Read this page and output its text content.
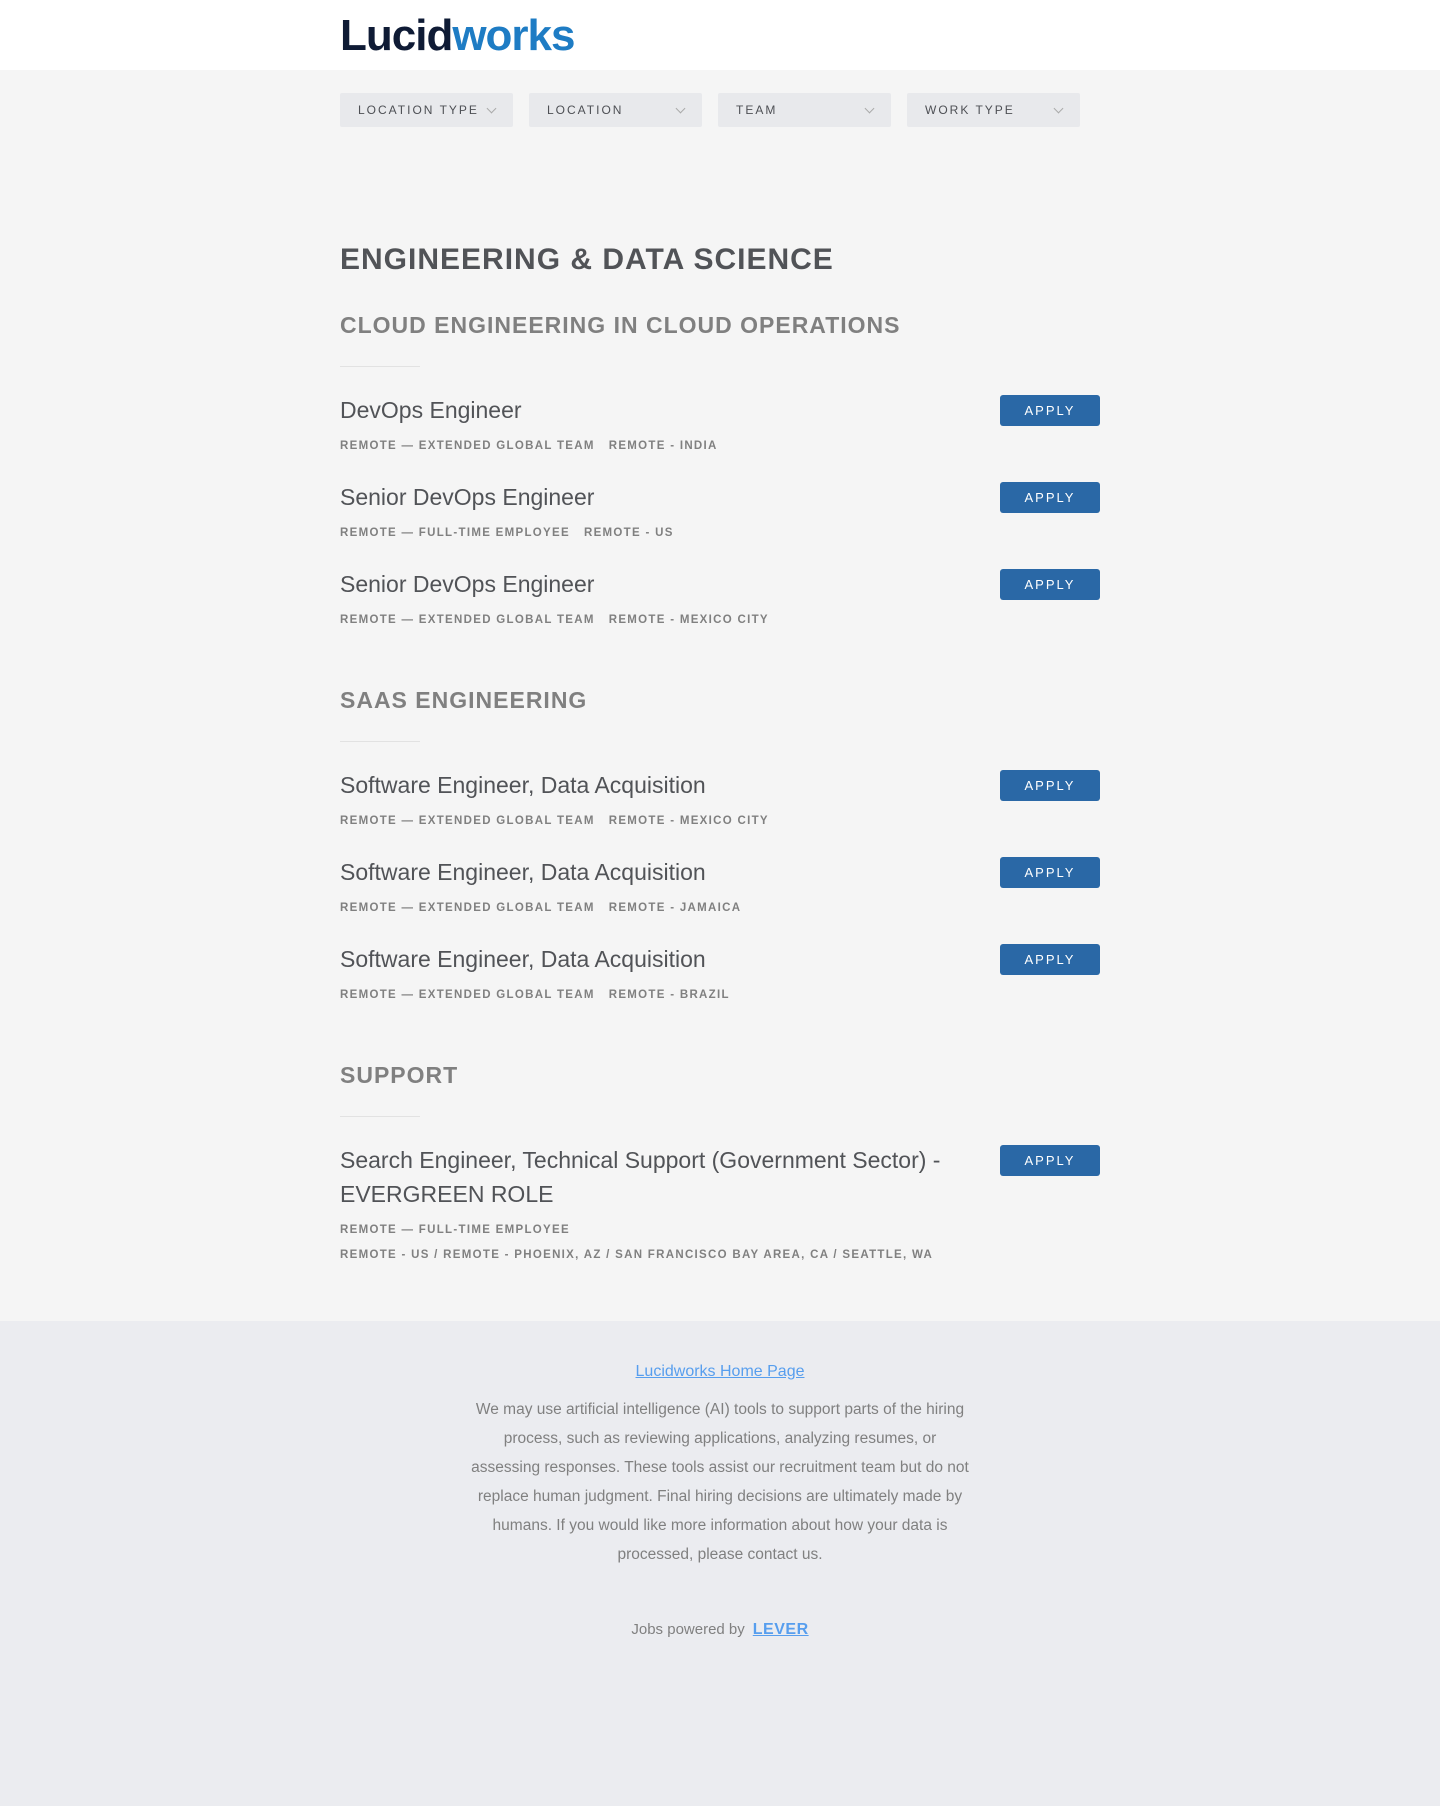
Lucidworks
LOCATION TYPE	LOCATION	TEAM	WORK TYPE
ENGINEERING & DATA SCIENCE
CLOUD ENGINEERING IN CLOUD OPERATIONS
DevOps Engineer
REMOTE — EXTENDED GLOBAL TEAM REMOTE - INDIA
APPLY
Senior DevOps Engineer
REMOTE — FULL-TIME EMPLOYEE REMOTE - US
APPLY
Senior DevOps Engineer
REMOTE — EXTENDED GLOBAL TEAM REMOTE - MEXICO CITY
APPLY
SAAS ENGINEERING
Software Engineer, Data Acquisition
REMOTE — EXTENDED GLOBAL TEAM REMOTE - MEXICO CITY
APPLY
Software Engineer, Data Acquisition
REMOTE — EXTENDED GLOBAL TEAM REMOTE - JAMAICA
APPLY
Software Engineer, Data Acquisition
REMOTE — EXTENDED GLOBAL TEAM REMOTE - BRAZIL
APPLY
SUPPORT
Search Engineer, Technical Support (Government Sector) - EVERGREEN ROLE
REMOTE — FULL-TIME EMPLOYEE
REMOTE - US / REMOTE - PHOENIX, AZ / SAN FRANCISCO BAY AREA, CA / SEATTLE, WA
APPLY
Lucidworks Home Page

We may use artificial intelligence (AI) tools to support parts of the hiring process, such as reviewing applications, analyzing resumes, or assessing responses. These tools assist our recruitment team but do not replace human judgment. Final hiring decisions are ultimately made by humans. If you would like more information about how your data is processed, please contact us.

Jobs powered by LEVER
